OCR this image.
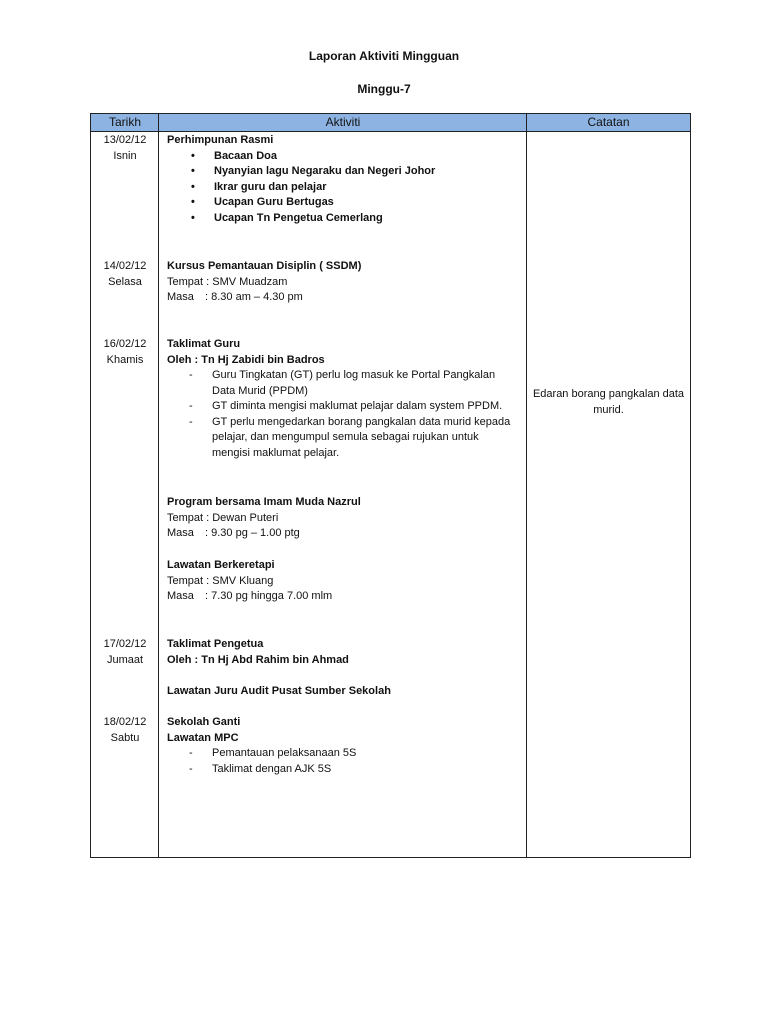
Laporan Aktiviti Mingguan
Minggu-7
Tarikh	Aktiviti	Catatan
13/02/12
Isnin
Perhimpunan Rasmi
• Bacaan Doa
• Nyanyian lagu Negaraku dan Negeri Johor
• Ikrar guru dan pelajar
• Ucapan Guru Bertugas
• Ucapan Tn Pengetua Cemerlang
14/02/12
Selasa
Kursus Pemantauan Disiplin ( SSDM)
Tempat : SMV Muadzam
Masa : 8.30 am – 4.30 pm
16/02/12
Khamis
Taklimat Guru
Oleh : Tn Hj Zabidi bin Badros
- Guru Tingkatan (GT) perlu log masuk ke Portal Pangkalan Data Murid (PPDM)
- GT diminta mengisi maklumat pelajar dalam system PPDM.
- GT perlu mengedarkan borang pangkalan data murid kepada pelajar, dan mengumpul semula sebagai rujukan untuk mengisi maklumat pelajar.
Edaran borang pangkalan data murid.
Program bersama Imam Muda Nazrul
Tempat : Dewan Puteri
Masa : 9.30 pg – 1.00 ptg
Lawatan Berkeretapi
Tempat : SMV Kluang
Masa : 7.30 pg hingga 7.00 mlm
17/02/12
Jumaat
Taklimat Pengetua
Oleh : Tn Hj Abd Rahim bin Ahmad
Lawatan Juru Audit Pusat Sumber Sekolah
18/02/12
Sabtu
Sekolah Ganti
Lawatan MPC
- Pemantauan pelaksanaan 5S
- Taklimat dengan AJK 5S
